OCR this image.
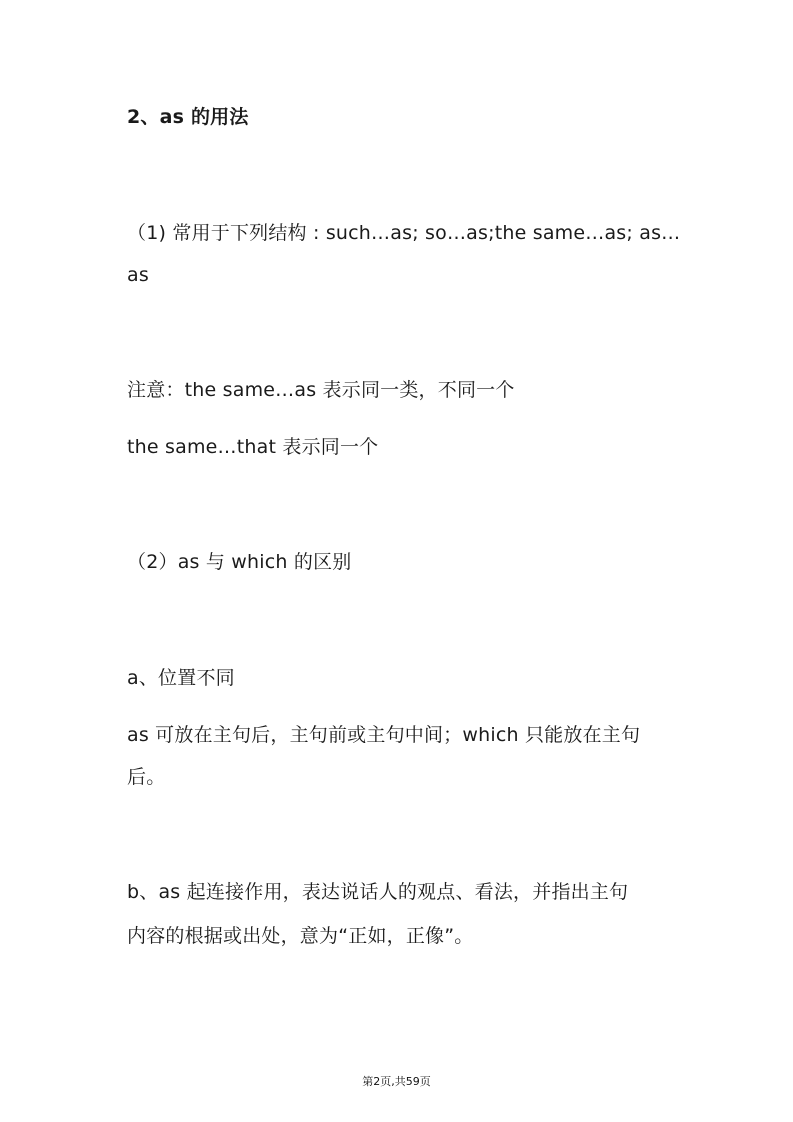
2、as 的用法
（1) 常用于下列结构 : such…as; so…as;the same…as; as…
as
注意：the same…as 表示同一类，不同一个
the same…that 表示同一个
（2）as 与 which 的区别
a、位置不同
as 可放在主句后，主句前或主句中间；which 只能放在主句
后。
b、as 起连接作用，表达说话人的观点、看法，并指出主句
内容的根据或出处，意为“正如，正像”。
第2页,共59页
